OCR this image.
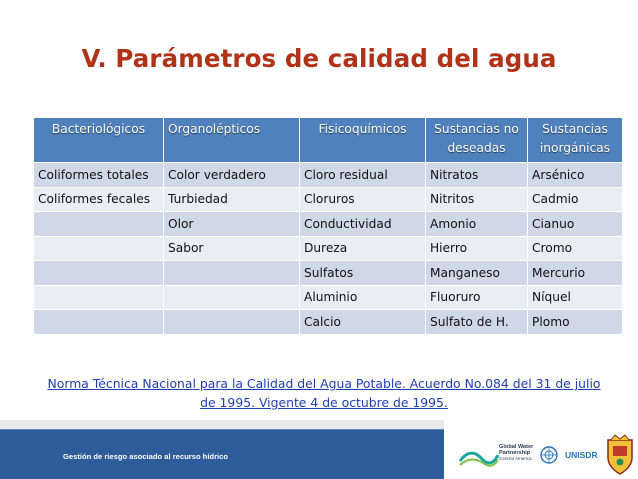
V. Parámetros de calidad del agua
Bacteriológicos	Organolépticos	Fisicoquímicos	Sustancias no deseadas	Sustancias inorgánicas
Coliformes totales	Color verdadero	Cloro residual	Nitratos	Arsénico
Coliformes fecales	Turbiedad	Cloruros	Nitritos	Cadmio
	Olor	Conductividad	Amonio	Cianuo
	Sabor	Dureza	Hierro	Cromo
		Sulfatos	Manganeso	Mercurio
		Aluminio	Fluoruro	Níquel
		Calcio	Sulfato de H.	Plomo
Norma Técnica Nacional para la Calidad del Agua Potable. Acuerdo No.084 del 31 de julio de 1995. Vigente 4 de octubre de 1995.
Gestión de riesgo asociado al recurso hídrico
Global Water Partnership
Central America	UNISDR
